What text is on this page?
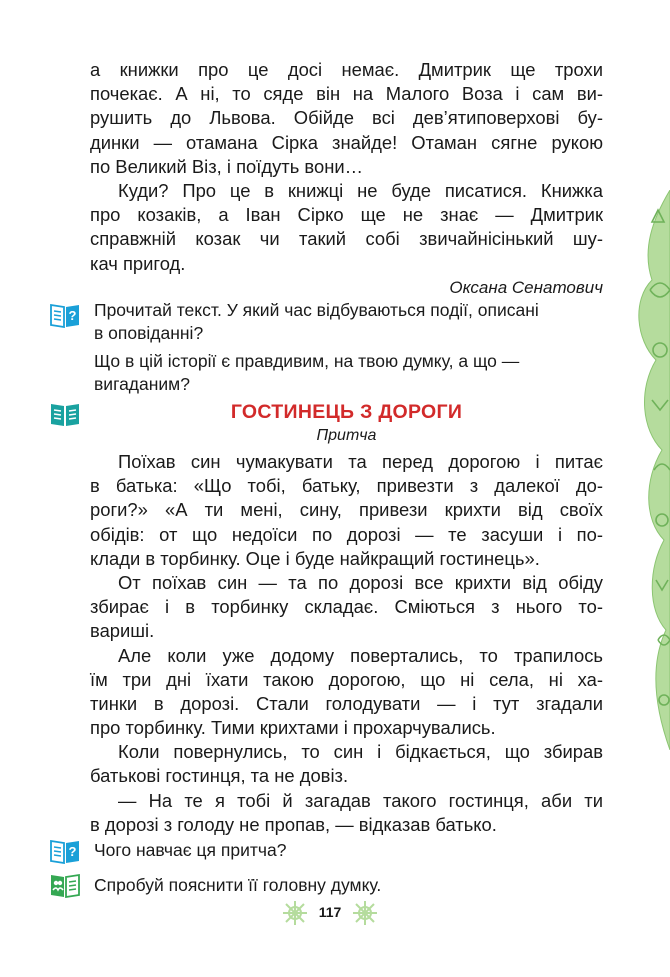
а книжки про це досі немає. Дмитрик ще трохи
почекає. А ні, то сяде він на Малого Воза і сам ви-
рушить до Львова. Обійде всі дев’ятиповерхові бу-
динки — отамана Сірка знайде! Отаман сягне рукою
по Великий Віз, і поїдуть вони…
Куди? Про це в книжці не буде писатися. Книжка
про козаків, а Іван Сірко ще не знає — Дмитрик
справжній козак чи такий собі звичайнісінький шу-
кач пригод.
Оксана Сенатович
? Прочитай текст. У який час відбуваються події, описані
в оповіданні?
Що в цій історії є правдивим, на твою думку, а що —
вигаданим?
ГОСТИНЕЦЬ З ДОРОГИ
Притча
Поїхав син чумакувати та перед дорогою і питає
в батька: «Що тобі, батьку, привезти з далекої до-
роги?» «А ти мені, сину, привези крихти від своїх
обідів: от що недоїси по дорозі — те засуши і по-
клади в торбинку. Оце і буде найкращий гостинець».
От поїхав син — та по дорозі все крихти від обіду
збирає і в торбинку складає. Сміються з нього то-
вариші.
Але коли уже додому повертались, то трапилось
їм три дні їхати такою дорогою, що ні села, ні ха-
тинки в дорозі. Стали голодувати — і тут згадали
про торбинку. Тими крихтами і прохарчувались.
Коли повернулись, то син і бідкається, що збирав
батькові гостинця, та не довіз.
— На те я тобі й загадав такого гостинця, аби ти
в дорозі з голоду не пропав, — відказав батько.
? Чого навчає ця притча?
Спробуй пояснити її головну думку.
117
